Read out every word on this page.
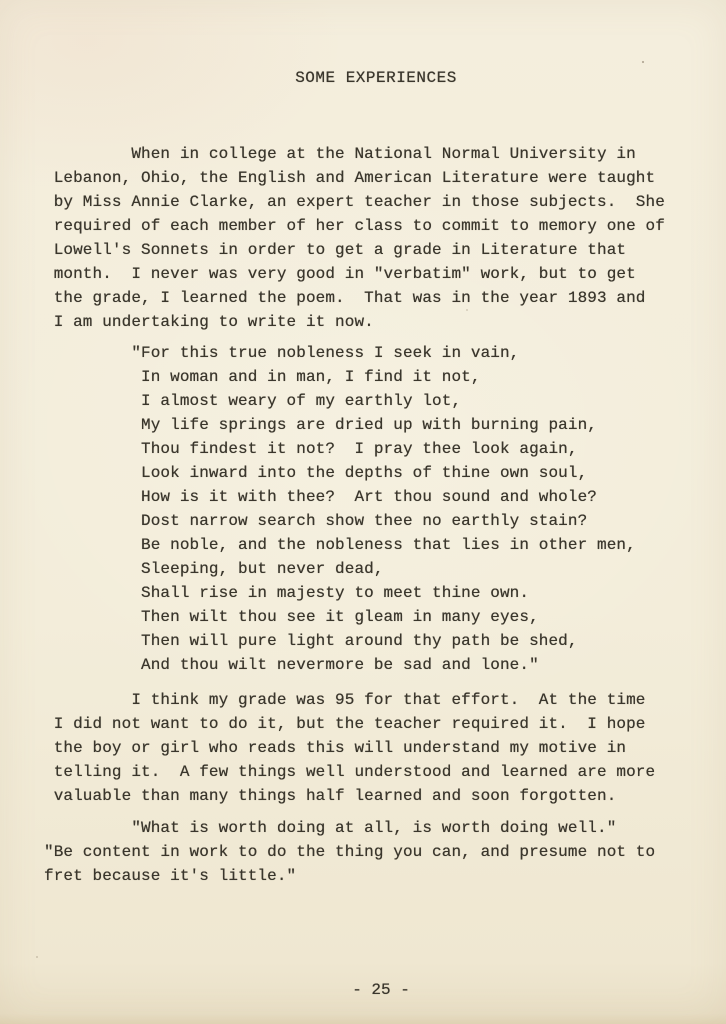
SOME EXPERIENCES
When in college at the National Normal University in
Lebanon, Ohio, the English and American Literature were taught
by Miss Annie Clarke, an expert teacher in those subjects.  She
required of each member of her class to commit to memory one of
Lowell's Sonnets in order to get a grade in Literature that
month.  I never was very good in "verbatim" work, but to get
the grade, I learned the poem.  That was in the year 1893 and
I am undertaking to write it now.
"For this true nobleness I seek in vain,
In woman and in man, I find it not,
I almost weary of my earthly lot,
My life springs are dried up with burning pain,
Thou findest it not?  I pray thee look again,
Look inward into the depths of thine own soul,
How is it with thee?  Art thou sound and whole?
Dost narrow search show thee no earthly stain?
Be noble, and the nobleness that lies in other men,
Sleeping, but never dead,
Shall rise in majesty to meet thine own.
Then wilt thou see it gleam in many eyes,
Then will pure light around thy path be shed,
And thou wilt nevermore be sad and lone."
I think my grade was 95 for that effort.  At the time
I did not want to do it, but the teacher required it.  I hope
the boy or girl who reads this will understand my motive in
telling it.  A few things well understood and learned are more
valuable than many things half learned and soon forgotten.
"What is worth doing at all, is worth doing well."
"Be content in work to do the thing you can, and presume not to
fret because it's little."
- 25 -
